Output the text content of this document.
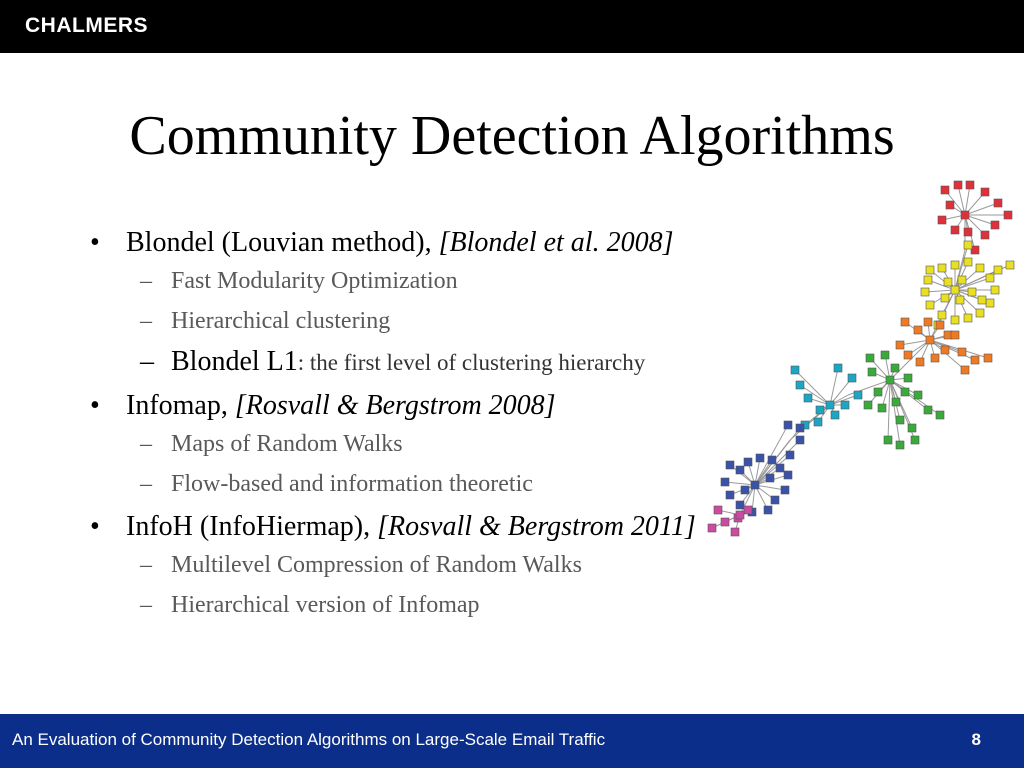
CHALMERS
Community Detection Algorithms
• Blondel (Louvian method), [Blondel et al. 2008]
– Fast Modularity Optimization
– Hierarchical clustering
– Blondel L1: the first level of clustering hierarchy
• Infomap, [Rosvall & Bergstrom 2008]
– Maps of Random Walks
– Flow-based and information theoretic
• InfoH (InfoHiermap), [Rosvall & Bergstrom 2011]
– Multilevel Compression of Random Walks
– Hierarchical version of Infomap
An Evaluation of Community Detection Algorithms on Large-Scale Email Traffic	8
